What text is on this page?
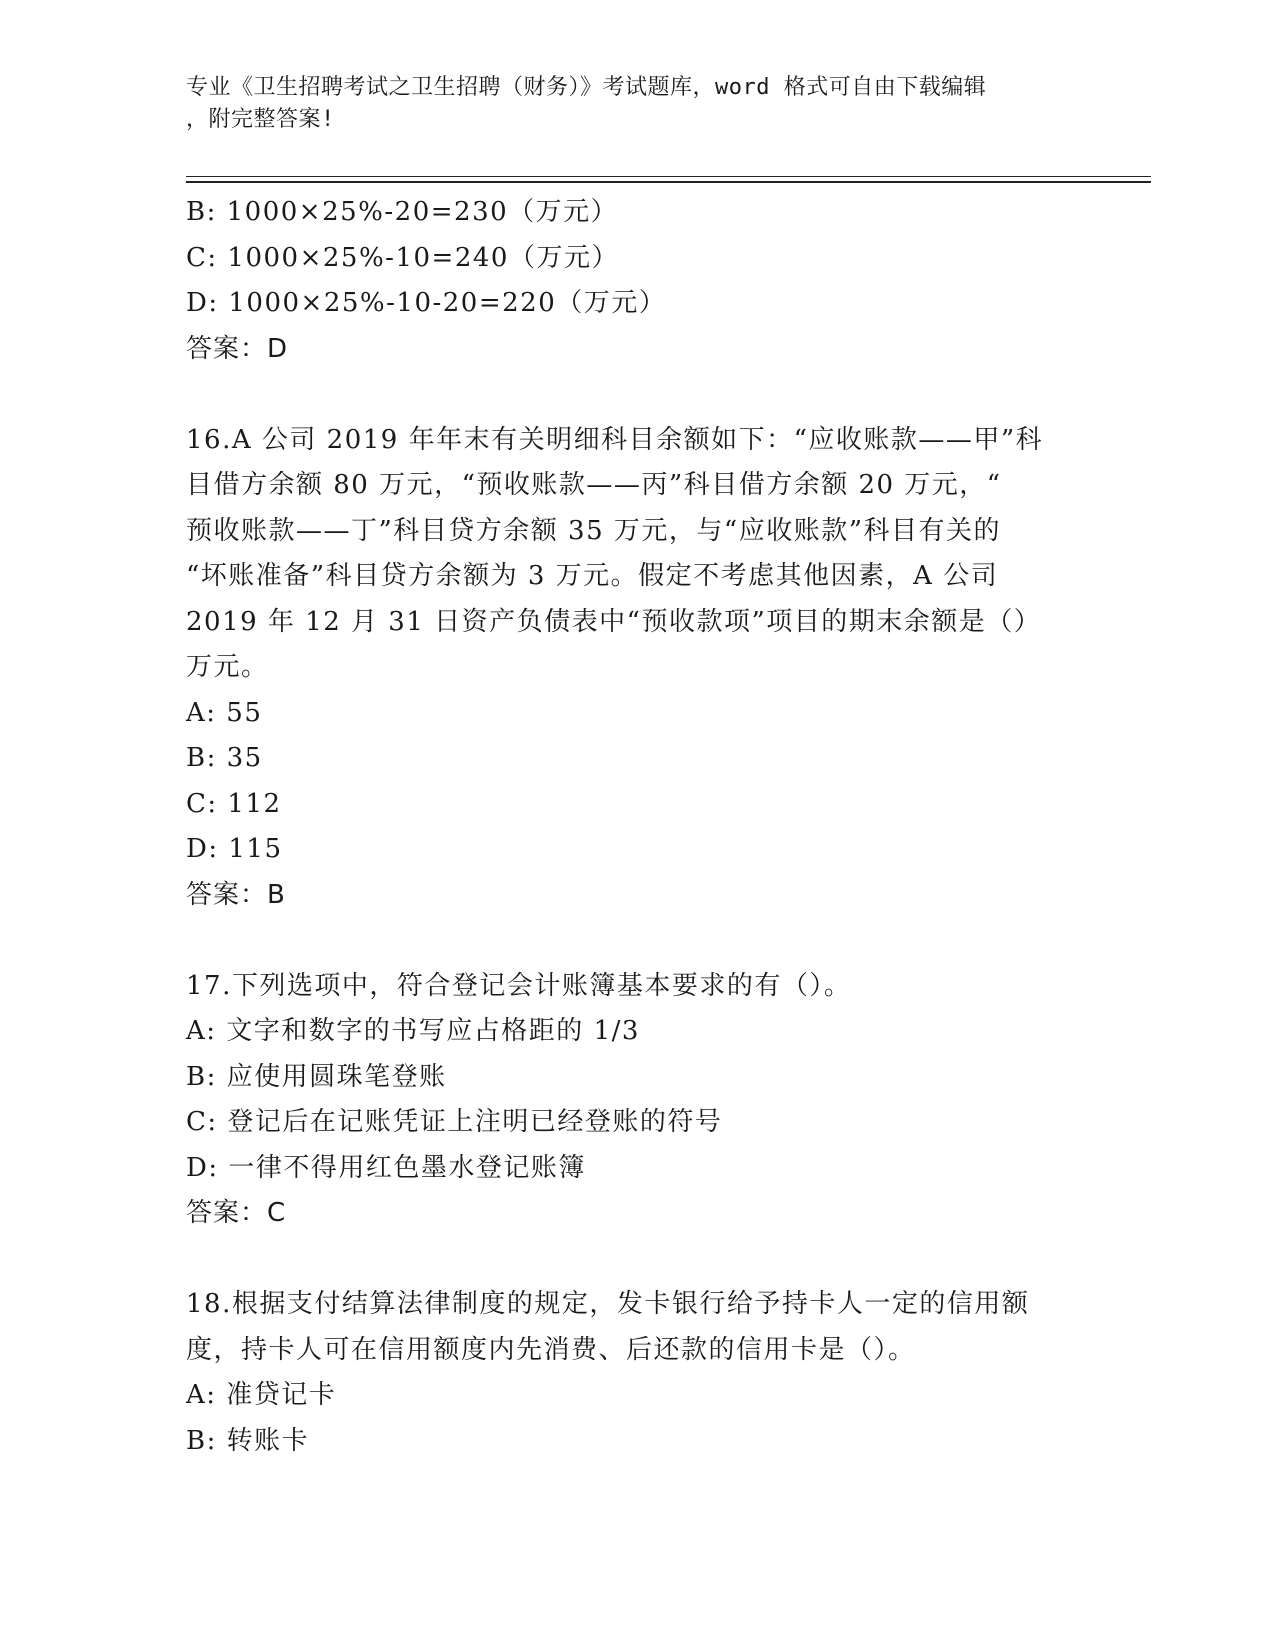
专业《卫生招聘考试之卫生招聘（财务）》考试题库，word 格式可自由下载编辑
，附完整答案!
B: 1000×25%-20=230（万元）
C: 1000×25%-10=240（万元）
D: 1000×25%-10-20=220（万元）
答案：D
16.A 公司 2019 年年末有关明细科目余额如下：“应收账款——甲”科
目借方余额 80 万元，“预收账款——丙”科目借方余额 20 万元，“
预收账款——丁”科目贷方余额 35 万元，与“应收账款”科目有关的
“坏账准备”科目贷方余额为 3 万元。假定不考虑其他因素，A 公司
2019 年 12 月 31 日资产负债表中“预收款项”项目的期末余额是（）
万元。
A: 55
B: 35
C: 112
D: 115
答案：B
17.下列选项中，符合登记会计账簿基本要求的有（）。
A: 文字和数字的书写应占格距的 1/3
B: 应使用圆珠笔登账
C: 登记后在记账凭证上注明已经登账的符号
D: 一律不得用红色墨水登记账簿
答案：C
18.根据支付结算法律制度的规定，发卡银行给予持卡人一定的信用额
度，持卡人可在信用额度内先消费、后还款的信用卡是（）。
A: 准贷记卡
B: 转账卡
